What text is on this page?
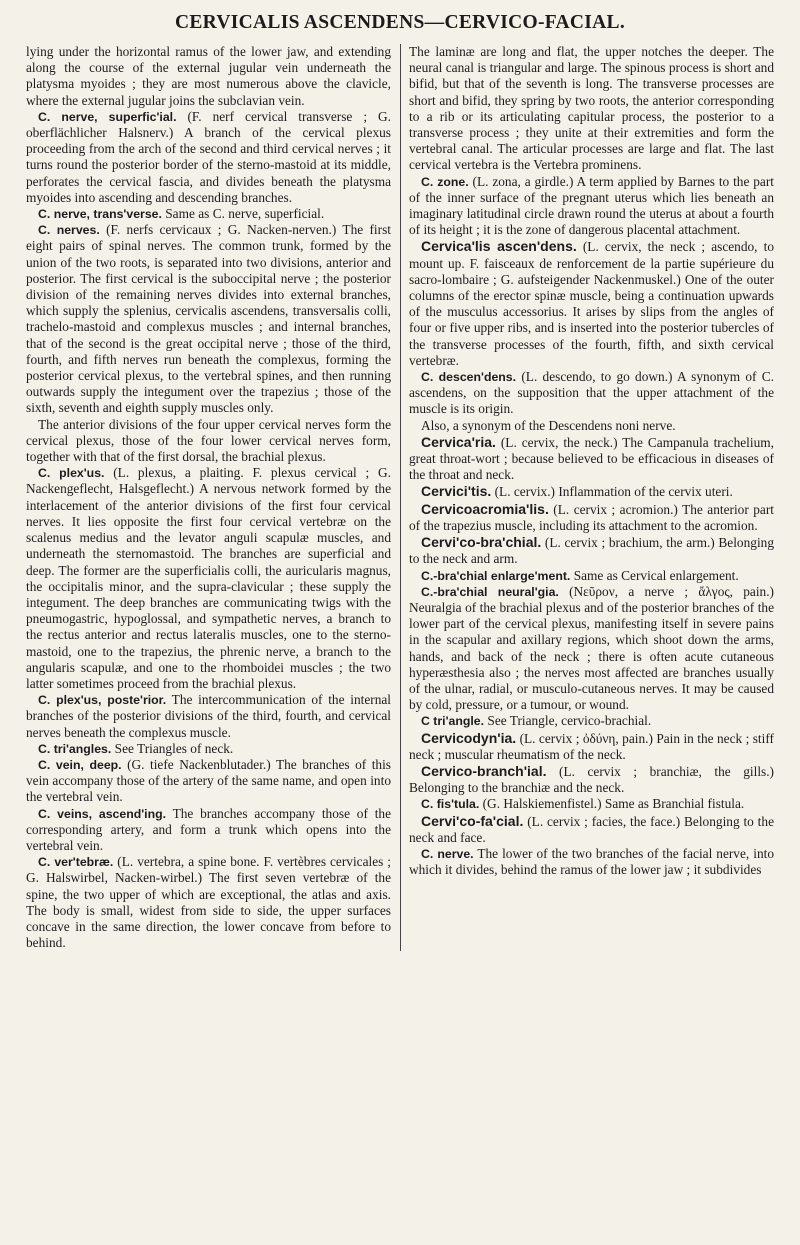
CERVICALIS ASCENDENS—CERVICO-FACIAL.

lying under the horizontal ramus of the lower jaw, and extending along the course of the external jugular vein underneath the platysma myoides ; they are most numerous above the clavicle, where the external jugular joins the subclavian vein.

C. nerve, superfic'ial. (F. nerf cervical transverse ; G. oberflächlicher Halsnerv.) A branch of the cervical plexus proceeding from the arch of the second and third cervical nerves ; it turns round the posterior border of the sterno-mastoid at its middle, perforates the cervical fascia, and divides beneath the platysma myoides into ascending and descending branches.

C. nerve, trans'verse. Same as C. nerve, superficial.

C. nerves. (F. nerfs cervicaux ; G. Nacken-nerven.) The first eight pairs of spinal nerves. The common trunk, formed by the union of the two roots, is separated into two divisions, anterior and posterior. The first cervical is the suboccipital nerve ; the posterior division of the remaining nerves divides into external branches, which supply the splenius, cervicalis ascendens, transversalis colli, trachelo-mastoid and complexus muscles ; and internal branches, that of the second is the great occipital nerve ; those of the third, fourth, and fifth nerves run beneath the complexus, forming the posterior cervical plexus, to the vertebral spines, and then running outwards supply the integument over the trapezius ; those of the sixth, seventh and eighth supply muscles only.

The anterior divisions of the four upper cervical nerves form the cervical plexus, those of the four lower cervical nerves form, together with that of the first dorsal, the brachial plexus.

C. plex'us. (L. plexus, a plaiting. F. plexus cervical ; G. Nackengeflecht, Halsgeflecht.) A nervous network formed by the interlacement of the anterior divisions of the first four cervical nerves. It lies opposite the first four cervical vertebræ on the scalenus medius and the levator anguli scapulæ muscles, and underneath the sternomastoid. The branches are superficial and deep. The former are the superficialis colli, the auricularis magnus, the occipitalis minor, and the supra-clavicular ; these supply the integument. The deep branches are communicating twigs with the pneumogastric, hypoglossal, and sympathetic nerves, a branch to the rectus anterior and rectus lateralis muscles, one to the sterno-mastoid, one to the trapezius, the phrenic nerve, a branch to the angularis scapulæ, and one to the rhomboidei muscles ; the two latter sometimes proceed from the brachial plexus.

C. plex'us, poste'rior. The intercommunication of the internal branches of the posterior divisions of the third, fourth, and cervical nerves beneath the complexus muscle.

C. tri'angles. See Triangles of neck.

C. vein, deep. (G. tiefe Nackenblutader.) The branches of this vein accompany those of the artery of the same name, and open into the vertebral vein.

C. veins, ascend'ing. The branches accompany those of the corresponding artery, and form a trunk which opens into the vertebral vein.

C. ver'tebræ. (L. vertebra, a spine bone. F. vertèbres cervicales ; G. Halswirbel, Nacken-wirbel.) The first seven vertebræ of the spine, the two upper of which are exceptional, the atlas and axis. The body is small, widest from side to side, the upper surfaces concave in the same direction, the lower concave from before to behind.

The laminæ are long and flat, the upper notches the deeper. The neural canal is triangular and large. The spinous process is short and bifid, but that of the seventh is long. The transverse processes are short and bifid, they spring by two roots, the anterior corresponding to a rib or its articulating capitular process, the posterior to a transverse process ; they unite at their extremities and form the vertebral canal. The articular processes are large and flat. The last cervical vertebra is the Vertebra prominens.

C. zone. (L. zona, a girdle.) A term applied by Barnes to the part of the inner surface of the pregnant uterus which lies beneath an imaginary latitudinal circle drawn round the uterus at about a fourth of its height ; it is the zone of dangerous placental attachment.

Cervica'lis ascen'dens. (L. cervix, the neck ; ascendo, to mount up. F. faisceaux de renforcement de la partie supérieure du sacro-lombaire ; G. aufsteigender Nackenmuskel.) One of the outer columns of the erector spinæ muscle, being a continuation upwards of the musculus accessorius. It arises by slips from the angles of four or five upper ribs, and is inserted into the posterior tubercles of the transverse processes of the fourth, fifth, and sixth cervical vertebræ.

C. descen'dens. (L. descendo, to go down.) A synonym of C. ascendens, on the supposition that the upper attachment of the muscle is its origin.

Also, a synonym of the Descendens noni nerve.

Cervica'ria. (L. cervix, the neck.) The Campanula trachelium, great throat-wort ; because believed to be efficacious in diseases of the throat and neck.

Cervici'tis. (L. cervix.) Inflammation of the cervix uteri.

Cervicoacromia'lis. (L. cervix ; acromion.) The anterior part of the trapezius muscle, including its attachment to the acromion.

Cervi'co-bra'chial. (L. cervix ; brachium, the arm.) Belonging to the neck and arm.

C.-bra'chial enlarge'ment. Same as Cervical enlargement.

C.-bra'chial neural'gia. (Νεῦρον, a nerve ; ἄλγος, pain.) Neuralgia of the brachial plexus and of the posterior branches of the lower part of the cervical plexus, manifesting itself in severe pains in the scapular and axillary regions, which shoot down the arms, hands, and back of the neck ; there is often acute cutaneous hyperæsthesia also ; the nerves most affected are branches usually of the ulnar, radial, or musculo-cutaneous nerves. It may be caused by cold, pressure, or a tumour, or wound.

C tri'angle. See Triangle, cervico-brachial.

Cervicodyn'ia. (L. cervix ; ὀδύνη, pain.) Pain in the neck ; stiff neck ; muscular rheumatism of the neck.

Cervico-branch'ial. (L. cervix ; branchiæ, the gills.) Belonging to the branchiæ and the neck.

C. fis'tula. (G. Halskiemenfistel.) Same as Branchial fistula.

Cervi'co-fa'cial. (L. cervix ; facies, the face.) Belonging to the neck and face.

C. nerve. The lower of the two branches of the facial nerve, into which it divides, behind the ramus of the lower jaw ; it subdivides
